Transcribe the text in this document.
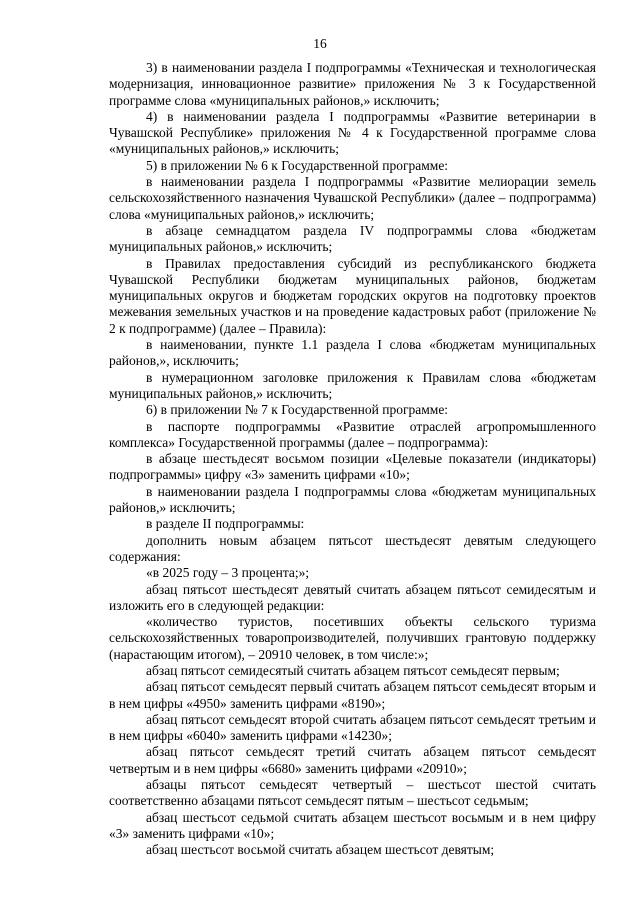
16

3) в наименовании раздела I подпрограммы «Техническая и технологическая модернизация, инновационное развитие» приложения № 3 к Государственной программе слова «муниципальных районов,» исключить;

4) в наименовании раздела I подпрограммы «Развитие ветеринарии в Чувашской Республике» приложения № 4 к Государственной программе слова «муниципальных районов,» исключить;

5) в приложении № 6 к Государственной программе:

в наименовании раздела I подпрограммы «Развитие мелиорации земель сельскохозяйственного назначения Чувашской Республики» (далее – подпрограмма) слова «муниципальных районов,» исключить;

в абзаце семнадцатом раздела IV подпрограммы слова «бюджетам муниципальных районов,» исключить;

в Правилах предоставления субсидий из республиканского бюджета Чувашской Республики бюджетам муниципальных районов, бюджетам муниципальных округов и бюджетам городских округов на подготовку проектов межевания земельных участков и на проведение кадастровых работ (приложение № 2 к подпрограмме) (далее – Правила):

в наименовании, пункте 1.1 раздела I слова «бюджетам муниципальных районов,», исключить;

в нумерационном заголовке приложения к Правилам слова «бюджетам муниципальных районов,» исключить;

6) в приложении № 7 к Государственной программе:

в паспорте подпрограммы «Развитие отраслей агропромышленного комплекса» Государственной программы (далее – подпрограмма):

в абзаце шестьдесят восьмом позиции «Целевые показатели (индикаторы) подпрограммы» цифру «3» заменить цифрами «10»;

в наименовании раздела I подпрограммы слова «бюджетам муниципальных районов,» исключить;

в разделе II подпрограммы:

дополнить новым абзацем пятьсот шестьдесят девятым следующего содержания:

«в 2025 году – 3 процента;»;

абзац пятьсот шестьдесят девятый считать абзацем пятьсот семидесятым и изложить его в следующей редакции:

«количество туристов, посетивших объекты сельского туризма сельскохозяйственных товаропроизводителей, получивших грантовую поддержку (нарастающим итогом), – 20910 человек, в том числе:»;

абзац пятьсот семидесятый считать абзацем пятьсот семьдесят первым;

абзац пятьсот семьдесят первый считать абзацем пятьсот семьдесят вторым и в нем цифры «4950» заменить цифрами «8190»;

абзац пятьсот семьдесят второй считать абзацем пятьсот семьдесят третьим и в нем цифры «6040» заменить цифрами «14230»;

абзац пятьсот семьдесят третий считать абзацем пятьсот семьдесят четвертым и в нем цифры «6680» заменить цифрами «20910»;

абзацы пятьсот семьдесят четвертый – шестьсот шестой считать соответственно абзацами пятьсот семьдесят пятым – шестьсот седьмым;

абзац шестьсот седьмой считать абзацем шестьсот восьмым и в нем цифру «3» заменить цифрами «10»;

абзац шестьсот восьмой считать абзацем шестьсот девятым;
